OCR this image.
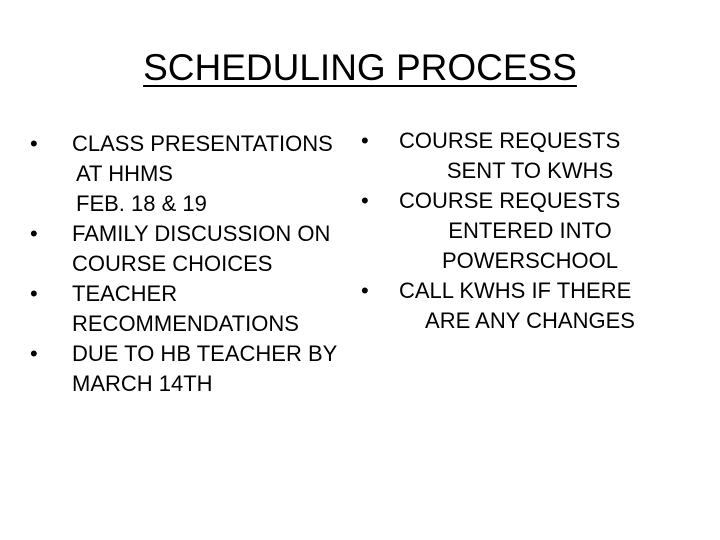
SCHEDULING PROCESS
•	CLASS PRESENTATIONS
AT HHMS
FEB. 18 & 19
•	FAMILY DISCUSSION ON
COURSE CHOICES
•	TEACHER
RECOMMENDATIONS
•	DUE TO HB TEACHER BY
MARCH 14TH
•	COURSE REQUESTS
SENT TO KWHS
•	COURSE REQUESTS
ENTERED INTO
POWERSCHOOL
•	CALL KWHS IF THERE
ARE ANY CHANGES
